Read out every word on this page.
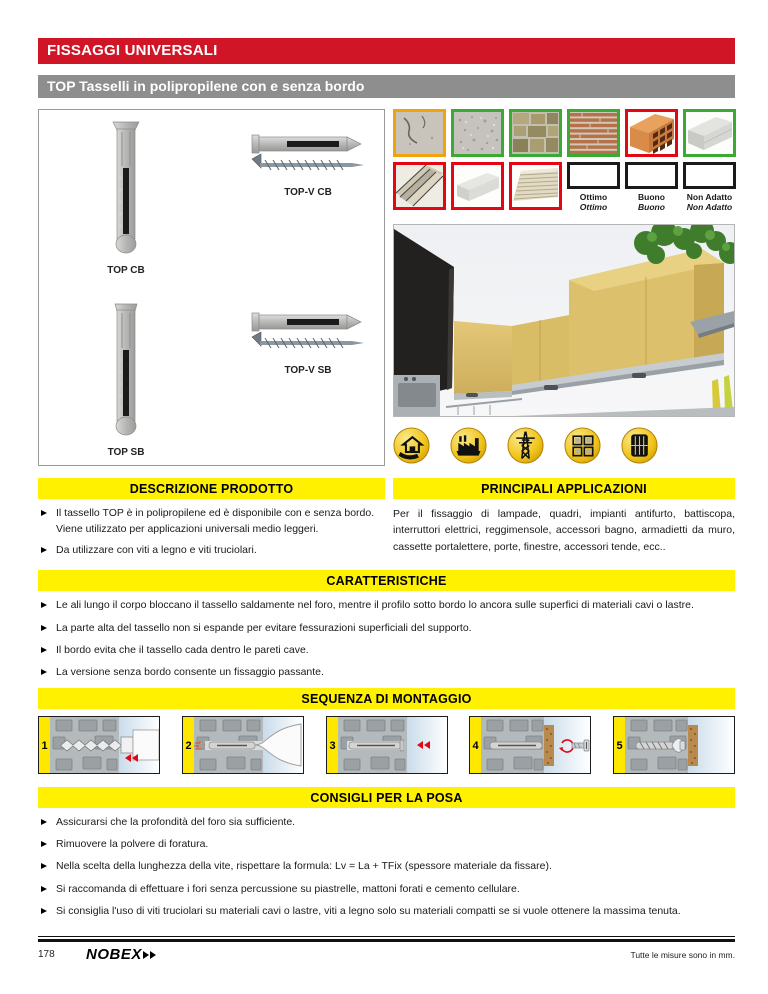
FISSAGGI UNIVERSALI
TOP Tasselli in polipropilene con e senza bordo
TOP CB
TOP-V CB
TOP SB
TOP-V SB
Ottimo
Ottimo
Buono
Buono
Non Adatto
Non Adatto
DESCRIZIONE PRODOTTO
Il tassello TOP è in polipropilene ed è disponibile con e senza bordo. Viene utilizzato per applicazioni universali medio leggeri.
Da utilizzare con viti a legno e viti truciolari.
PRINCIPALI APPLICAZIONI
Per il fissaggio di lampade, quadri, impianti antifurto, battiscopa, interruttori elettrici, reggimensole, accessori bagno, armadietti da muro, cassette portalettere, porte, finestre, accessori tende, ecc..
CARATTERISTICHE
Le ali lungo il corpo bloccano il tassello saldamente nel foro, mentre il profilo sotto bordo lo ancora sulle superfici di materiali cavi o lastre.
La parte alta del tassello non si espande per evitare fessurazioni superficiali del supporto.
Il bordo evita che il tassello cada dentro le pareti cave.
La versione senza bordo consente un fissaggio passante.
SEQUENZA DI MONTAGGIO
1	2	3	4	5
CONSIGLI PER LA POSA
Assicurarsi che la profondità del foro sia sufficiente.
Rimuovere la polvere di foratura.
Nella scelta della lunghezza della vite, rispettare la formula: Lv = La + TFix (spessore materiale da fissare).
Si raccomanda di effettuare i fori senza percussione su piastrelle, mattoni forati e cemento cellulare.
Si consiglia l'uso di viti truciolari su materiali cavi o lastre, viti a legno solo su materiali compatti se si vuole ottenere la massima tenuta.
178	NOBEX	Tutte le misure sono in mm.
